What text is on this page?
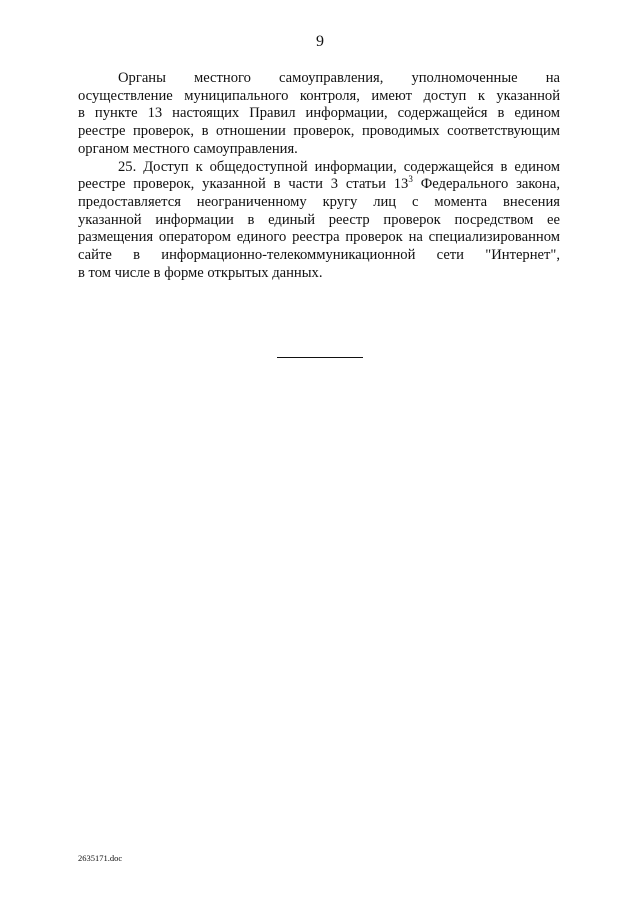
9

Органы местного самоуправления, уполномоченные на
осуществление муниципального контроля, имеют доступ к указанной
в пункте 13 настоящих Правил информации, содержащейся в едином
реестре проверок, в отношении проверок, проводимых соответствующим
органом местного самоуправления.

25. Доступ к общедоступной информации, содержащейся в едином
реестре проверок, указанной в части 3 статьи $13^3$ Федерального закона,
предоставляется неограниченному кругу лиц с момента внесения
указанной информации в единый реестр проверок посредством ее
размещения оператором единого реестра проверок на специализированном
сайте в информационно-телекоммуникационной сети "Интернет",
в том числе в форме открытых данных.

2635171.doc
